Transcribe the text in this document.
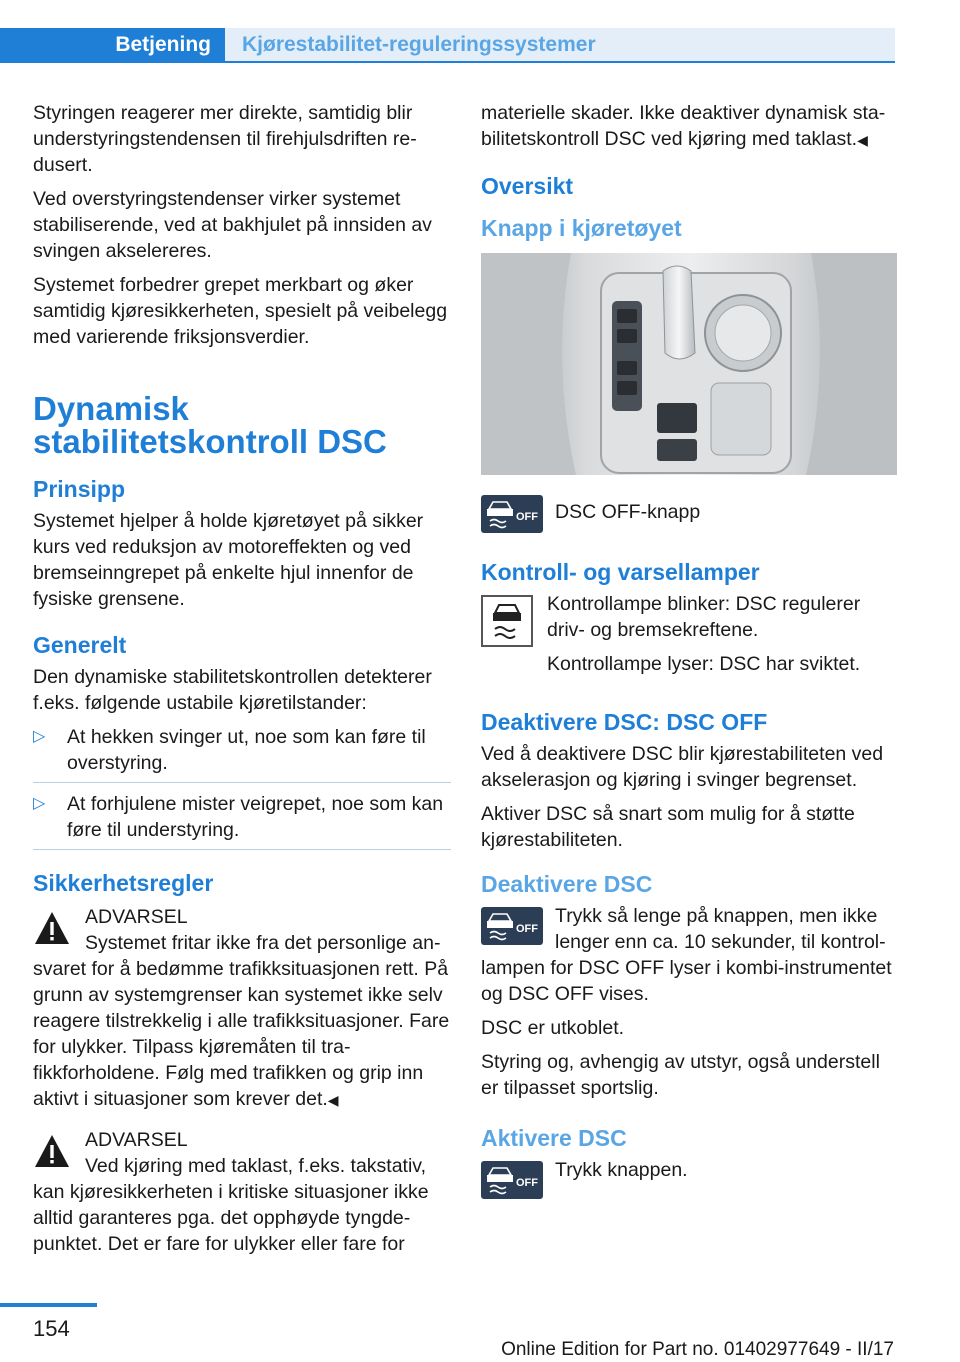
Betjening	Kjørestabilitet-reguleringssystemer

Styringen reagerer mer direkte, samtidig blir understyringstendensen til firehjulsdriften redusert.

Ved overstyringstendenser virker systemet stabiliserende, ved at bakhjulet på innsiden av svingen akselereres.

Systemet forbedrer grepet merkbart og øker samtidig kjøresikkerheten, spesielt på veibelegg med varierende friksjonsverdier.

Dynamisk stabilitetskontroll DSC
Prinsipp

Systemet hjelper å holde kjøretøyet på sikker kurs ved reduksjon av motoreffekten og ved bremseinngrepet på enkelte hjul innenfor de fysiske grensene.

Generelt

Den dynamiske stabilitetskontrollen detekterer f.eks. følgende ustabile kjøretilstander:

▷ At hekken svinger ut, noe som kan føre til overstyring.
▷ At forhjulene mister veigrepet, noe som kan føre til understyring.
Sikkerhetsregler
ADVARSEL
Systemet fritar ikke fra det personlige ansvaret for å bedømme trafikksituasjonen rett. På grunn av systemgrenser kan systemet ikke selv reagere tilstrekkelig i alle trafikksituasjoner. Fare for ulykker. Tilpass kjøremåten til trafikkforholdene. Følg med trafikken og grip inn aktivt i situasjoner som krever det.◀
ADVARSEL
Ved kjøring med taklast, f.eks. takstativ, kan kjøresikkerheten i kritiske situasjoner ikke alltid garanteres pga. det opphøyde tyngdepunktet. Det er fare for ulykker eller fare for

materielle skader. Ikke deaktiver dynamisk stabilitetskontroll DSC ved kjøring med taklast.◀

Oversikt
Knapp i kjøretøyet
OFF DSC OFF-knapp
Kontroll- og varsellamper

Kontrollampe blinker: DSC regulerer driv- og bremsekreftene.

Kontrollampe lyser: DSC har sviktet.

Deaktivere DSC: DSC OFF

Ved å deaktivere DSC blir kjørestabiliteten ved akselerasjon og kjøring i svinger begrenset.

Aktiver DSC så snart som mulig for å støtte kjørestabiliteten.

Deaktivere DSC
OFF
Trykk så lenge på knappen, men ikke lenger enn ca. 10 sekunder, til kontrollampen for DSC OFF lyser i kombi-instrumentet og DSC OFF vises.

DSC er utkoblet.

Styring og, avhengig av utstyr, også understell er tilpasset sportslig.

Aktivere DSC
OFF
Trykk knappen.
154
Online Edition for Part no. 01402977649 - II/17
